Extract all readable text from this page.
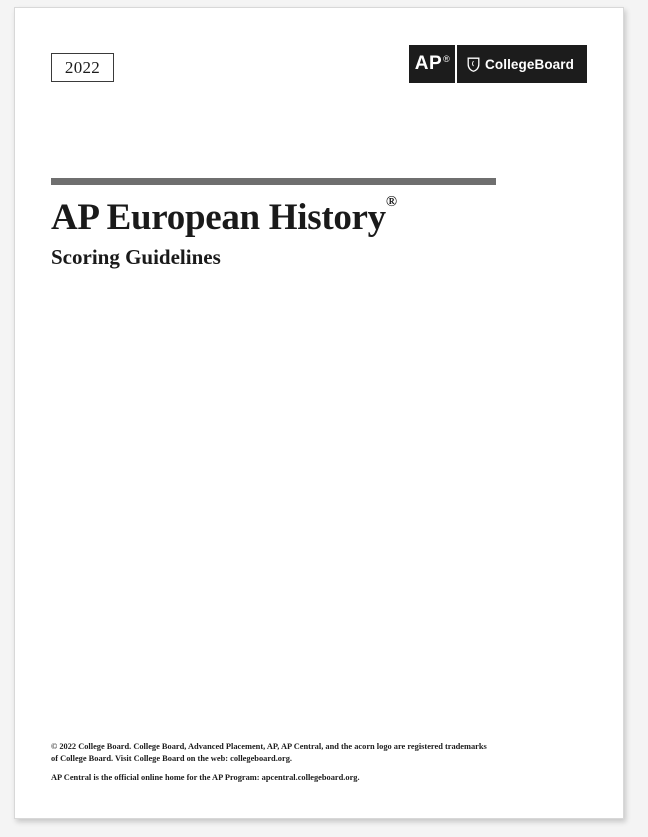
2022	AP ®	CollegeBoard
AP European History®
Scoring Guidelines
© 2022 College Board. College Board, Advanced Placement, AP, AP Central, and the acorn logo are registered trademarks of College Board. Visit College Board on the web: collegeboard.org.
AP Central is the official online home for the AP Program: apcentral.collegeboard.org.
